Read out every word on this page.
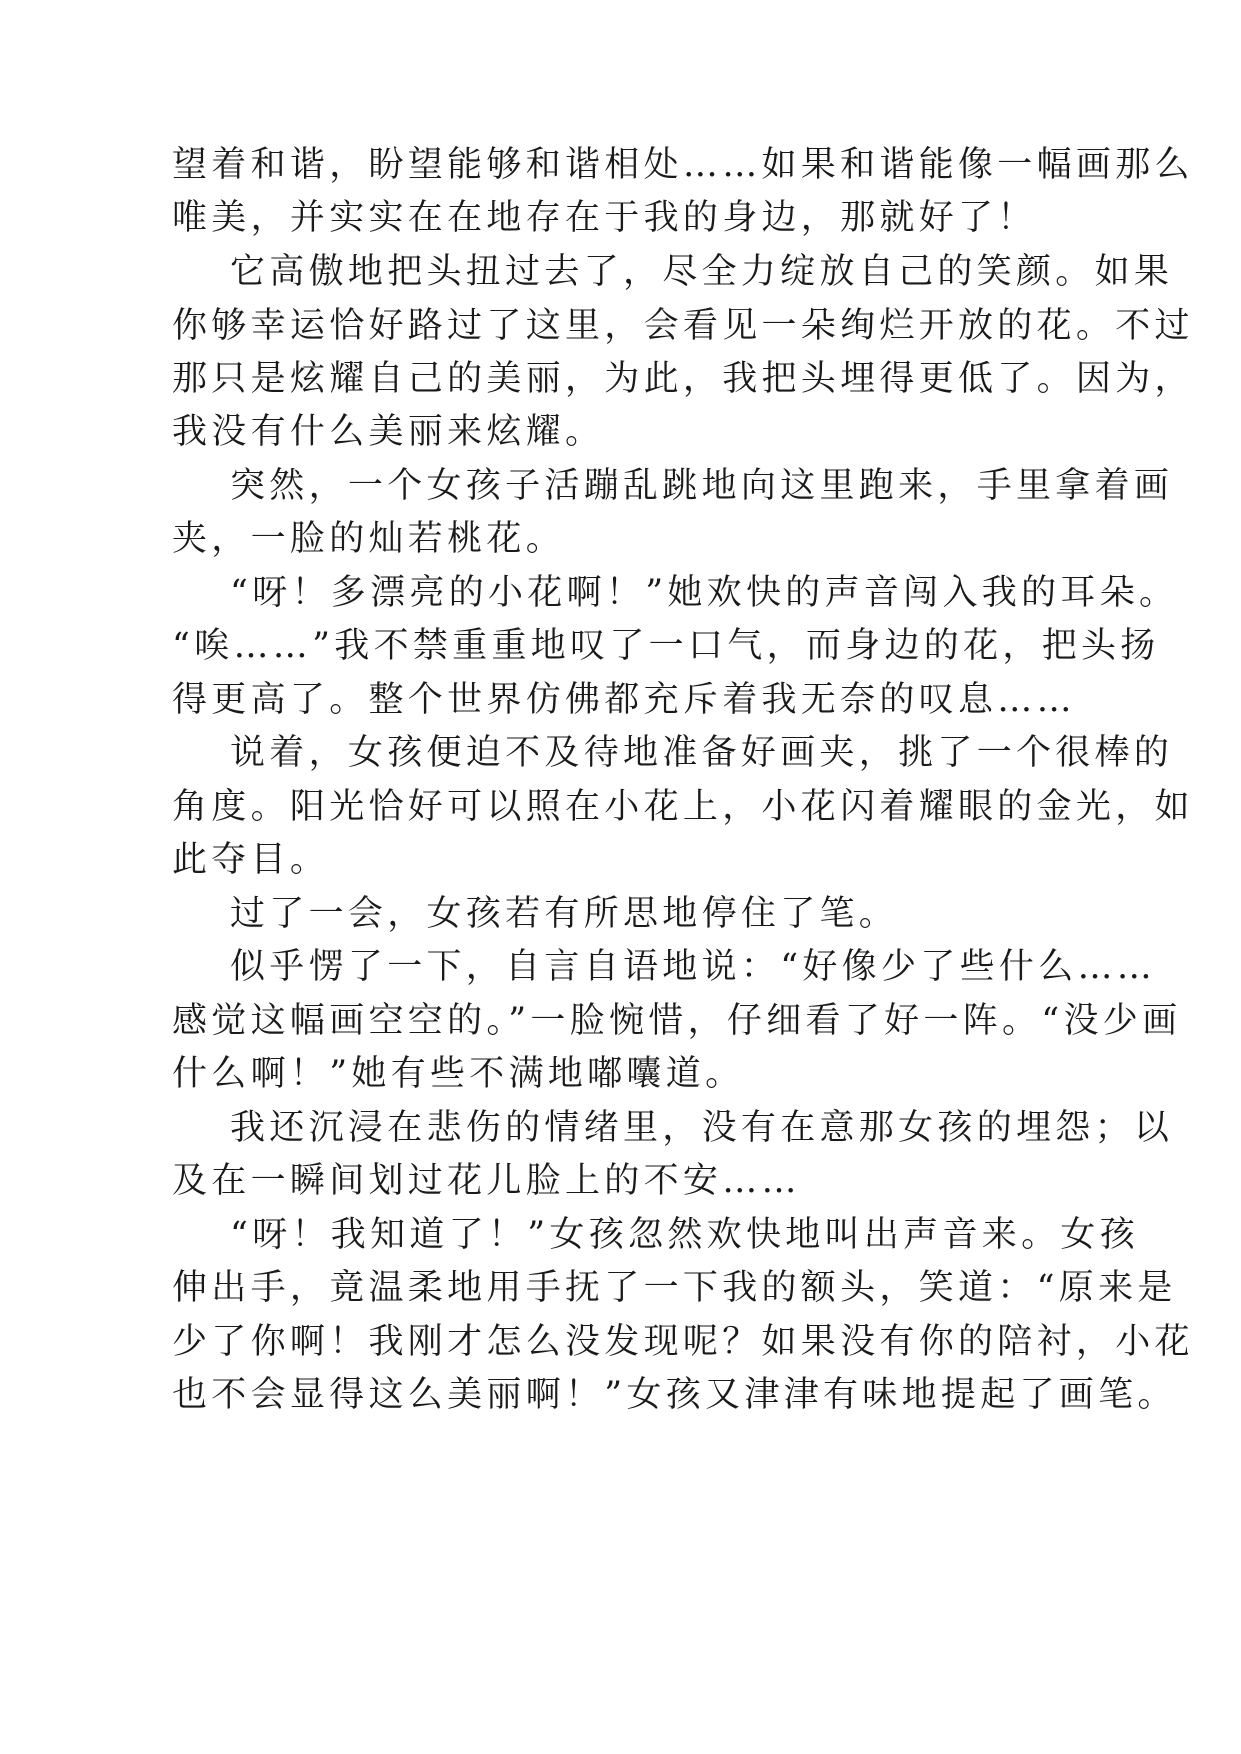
望着和谐，盼望能够和谐相处……如果和谐能像一幅画那么
唯美，并实实在在地存在于我的身边，那就好了！
它高傲地把头扭过去了，尽全力绽放自己的笑颜。如果
你够幸运恰好路过了这里，会看见一朵绚烂开放的花。不过
那只是炫耀自己的美丽，为此，我把头埋得更低了。因为，
我没有什么美丽来炫耀。
突然，一个女孩子活蹦乱跳地向这里跑来，手里拿着画
夹，一脸的灿若桃花。
“呀！多漂亮的小花啊！”她欢快的声音闯入我的耳朵。
“唉……”我不禁重重地叹了一口气，而身边的花，把头扬
得更高了。整个世界仿佛都充斥着我无奈的叹息……
说着，女孩便迫不及待地准备好画夹，挑了一个很棒的
角度。阳光恰好可以照在小花上，小花闪着耀眼的金光，如
此夺目。
过了一会，女孩若有所思地停住了笔。
似乎愣了一下，自言自语地说：“好像少了些什么……
感觉这幅画空空的。”一脸惋惜，仔细看了好一阵。“没少画
什么啊！”她有些不满地嘟囔道。
我还沉浸在悲伤的情绪里，没有在意那女孩的埋怨；以
及在一瞬间划过花儿脸上的不安……
“呀！我知道了！”女孩忽然欢快地叫出声音来。女孩
伸出手，竟温柔地用手抚了一下我的额头，笑道：“原来是
少了你啊！我刚才怎么没发现呢？如果没有你的陪衬，小花
也不会显得这么美丽啊！”女孩又津津有味地提起了画笔。
